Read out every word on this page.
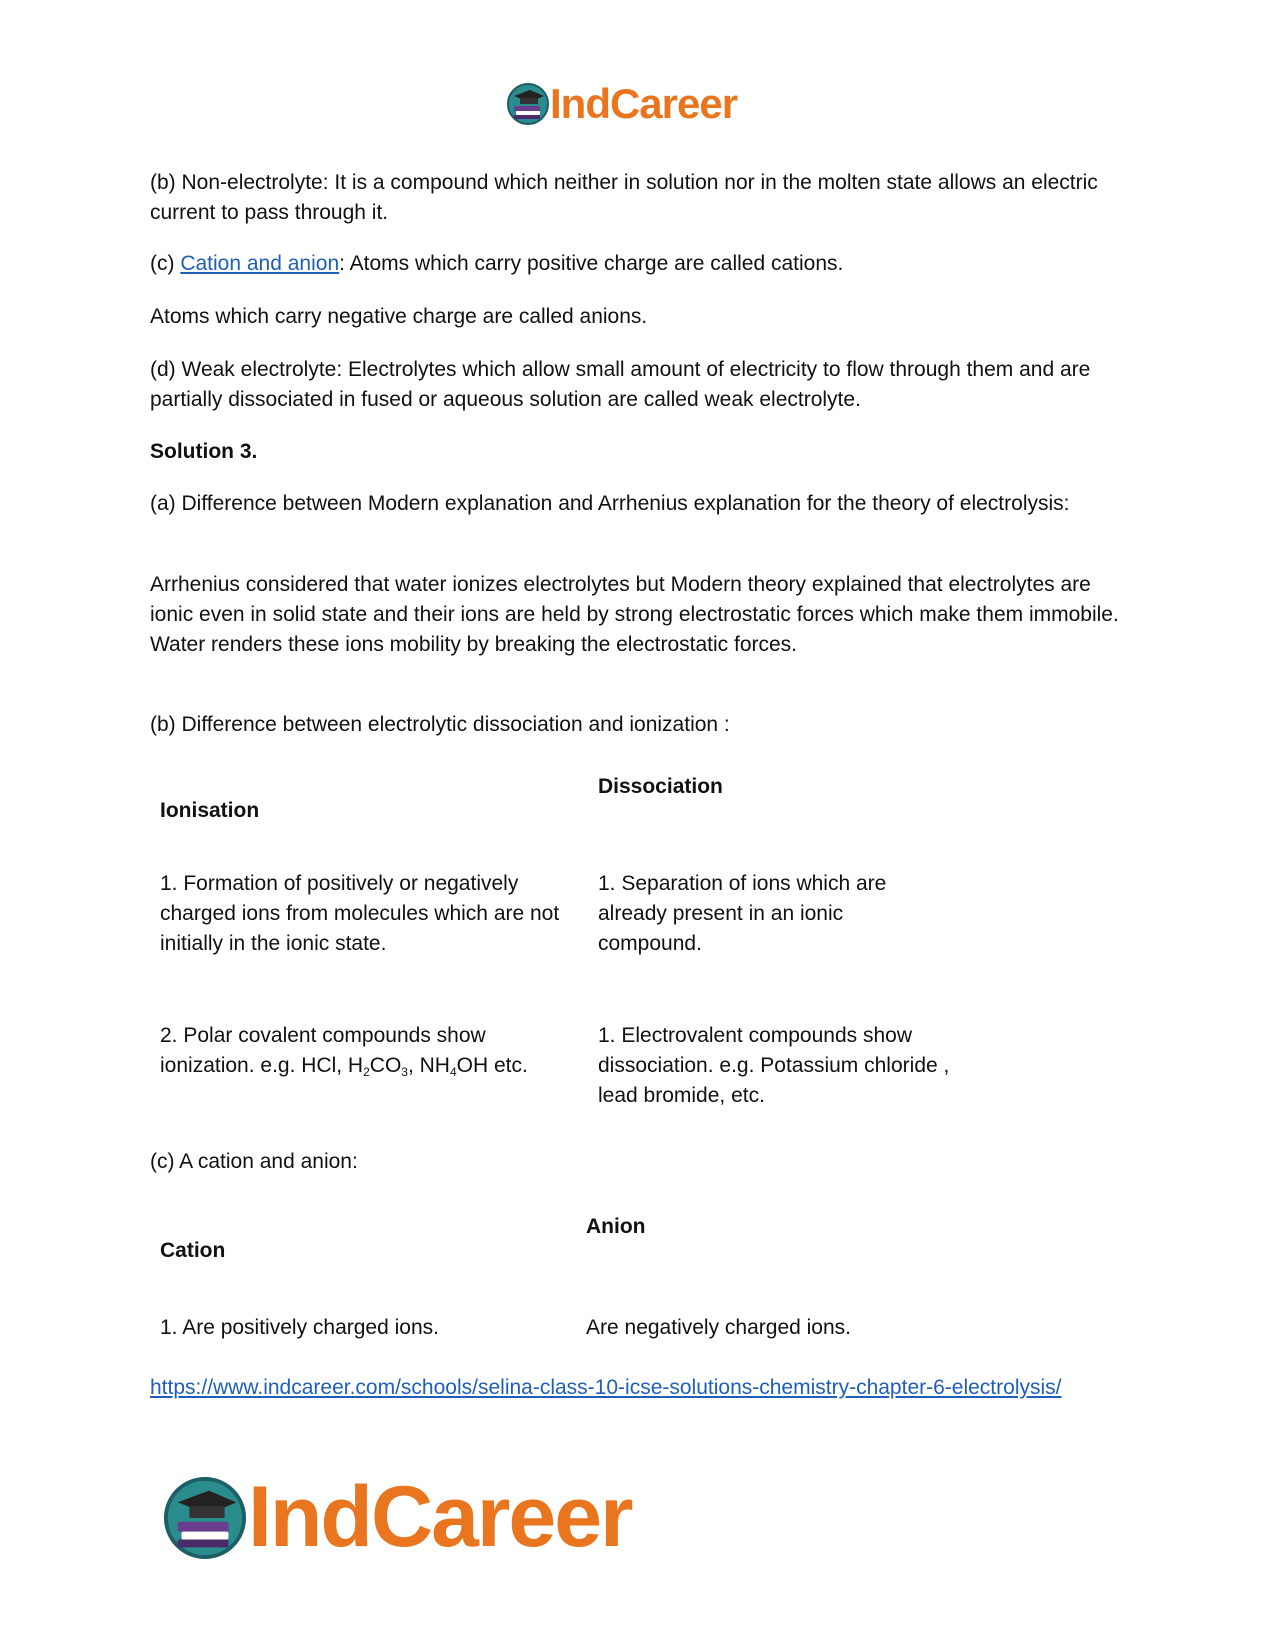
IndCareer

(b) Non-electrolyte: It is a compound which neither in solution nor in the molten state allows an electric current to pass through it.

(c) Cation and anion: Atoms which carry positive charge are called cations.

Atoms which carry negative charge are called anions.

(d) Weak electrolyte: Electrolytes which allow small amount of electricity to flow through them and are partially dissociated in fused or aqueous solution are called weak electrolyte.

Solution 3.

(a) Difference between Modern explanation and Arrhenius explanation for the theory of electrolysis:

Arrhenius considered that water ionizes electrolytes but Modern theory explained that electrolytes are ionic even in solid state and their ions are held by strong electrostatic forces which make them immobile. Water renders these ions mobility by breaking the electrostatic forces.

(b) Difference between electrolytic dissociation and ionization :

Ionisation
Dissociation
1. Formation of positively or negatively charged ions from molecules which are not initially in the ionic state.
1. Separation of ions which are already present in an ionic compound.
2. Polar covalent compounds show ionization. e.g. HCl, $H_2CO_3$, $NH_4OH$ etc.
1. Electrovalent compounds show dissociation. e.g. Potassium chloride , lead bromide, etc.

(c) A cation and anion:

Cation
Anion
1. Are positively charged ions.	Are negatively charged ions.
https://www.indcareer.com/schools/selina-class-10-icse-solutions-chemistry-chapter-6-electrolysis/
IndCareer
